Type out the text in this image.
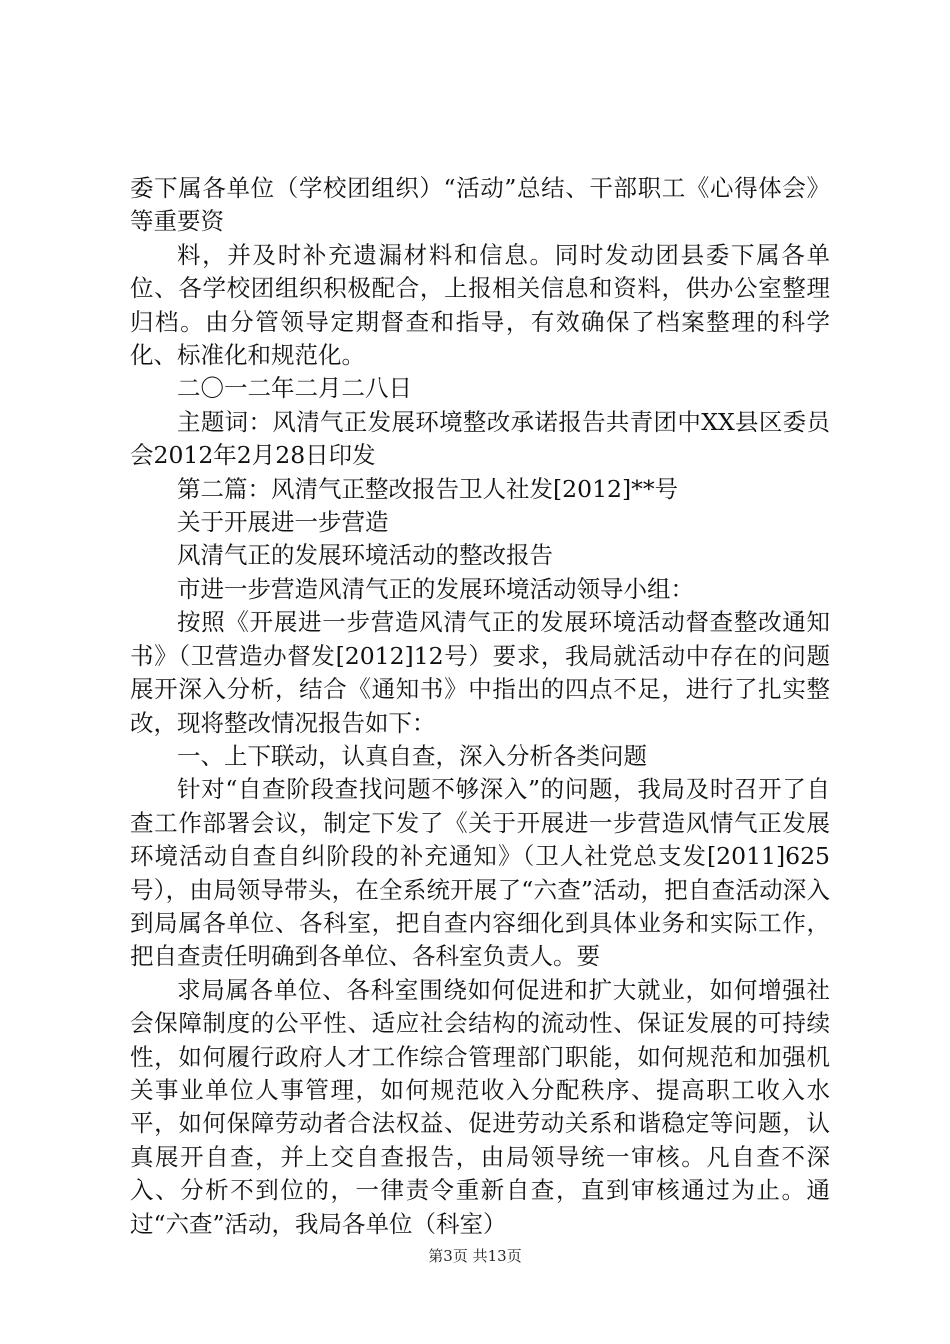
委下属各单位（学校团组织）“活动”总结、干部职工《心得体会》等重要资

料，并及时补充遗漏材料和信息。同时发动团县委下属各单位、各学校团组织积极配合，上报相关信息和资料，供办公室整理归档。由分管领导定期督查和指导，有效确保了档案整理的科学化、标准化和规范化。

二〇一二年二月二八日

主题词：风清气正发展环境整改承诺报告共青团中XX县区委员会2012年2月28日印发

第二篇：风清气正整改报告卫人社发[2012]**号

关于开展进一步营造

风清气正的发展环境活动的整改报告

市进一步营造风清气正的发展环境活动领导小组：

按照《开展进一步营造风清气正的发展环境活动督查整改通知书》（卫营造办督发[2012]12号）要求，我局就活动中存在的问题展开深入分析，结合《通知书》中指出的四点不足，进行了扎实整改，现将整改情况报告如下：

一、上下联动，认真自查，深入分析各类问题

针对“自查阶段查找问题不够深入”的问题，我局及时召开了自查工作部署会议，制定下发了《关于开展进一步营造风情气正发展环境活动自查自纠阶段的补充通知》（卫人社党总支发[2011]625号），由局领导带头，在全系统开展了“六查”活动，把自查活动深入到局属各单位、各科室，把自查内容细化到具体业务和实际工作，把自查责任明确到各单位、各科室负责人。要

求局属各单位、各科室围绕如何促进和扩大就业，如何增强社会保障制度的公平性、适应社会结构的流动性、保证发展的可持续性，如何履行政府人才工作综合管理部门职能，如何规范和加强机关事业单位人事管理，如何规范收入分配秩序、提高职工收入水平，如何保障劳动者合法权益、促进劳动关系和谐稳定等问题，认真展开自查，并上交自查报告，由局领导统一审核。凡自查不深入、分析不到位的，一律责令重新自查，直到审核通过为止。通过“六查”活动，我局各单位（科室）

第3页 共13页
